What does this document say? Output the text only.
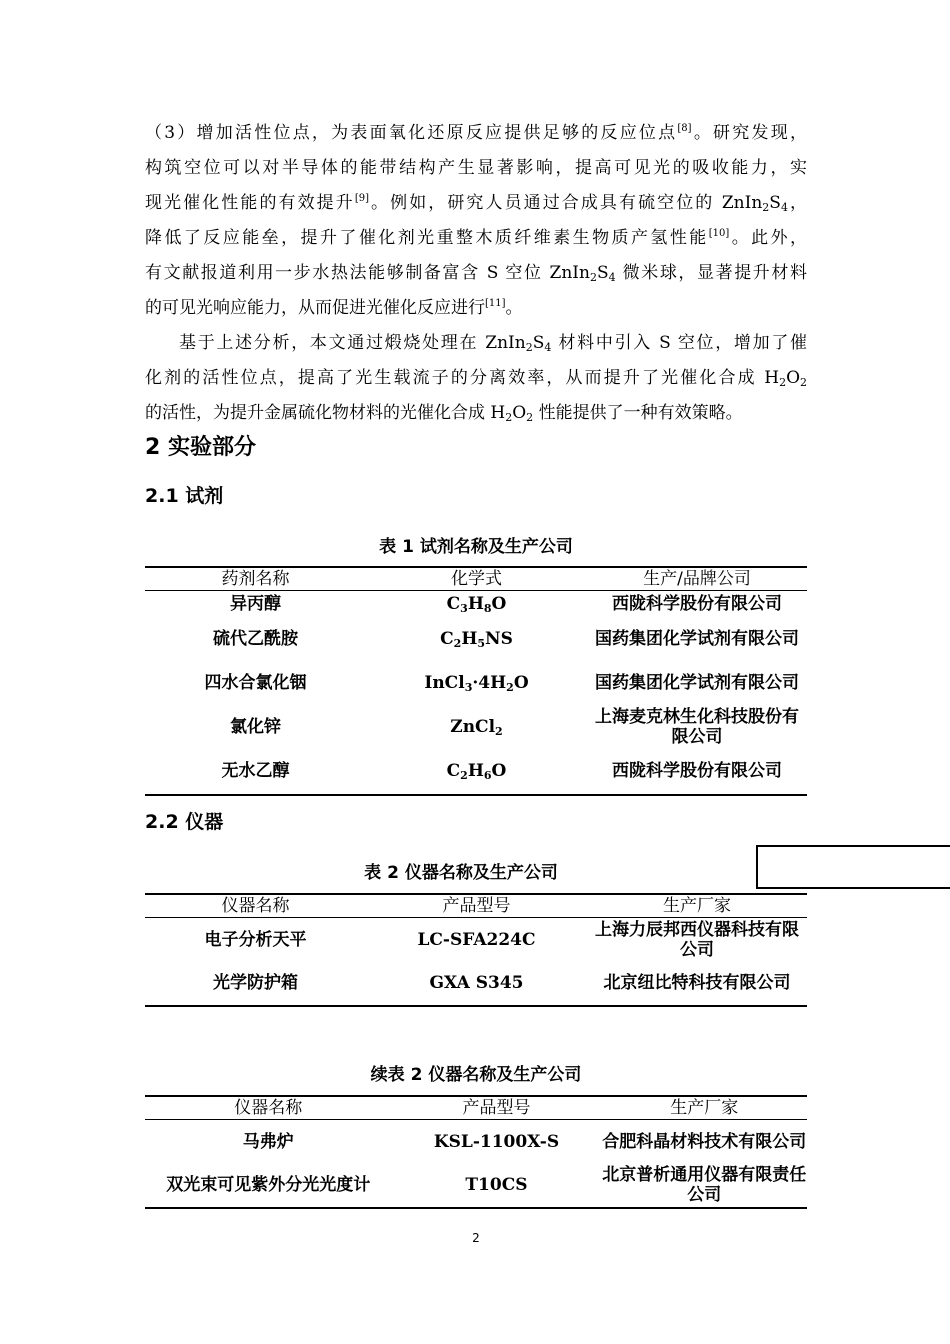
（3）增加活性位点，为表面氧化还原反应提供足够的反应位点[8]。研究发现，
构筑空位可以对半导体的能带结构产生显著影响，提高可见光的吸收能力，实
现光催化性能的有效提升[9]。例如，研究人员通过合成具有硫空位的 $ZnIn_2S_4$，
降低了反应能垒，提升了催化剂光重整木质纤维素生物质产氢性能[10]。此外，
有文献报道利用一步水热法能够制备富含 S 空位 $ZnIn_2S_4$ 微米球，显著提升材料
的可见光响应能力，从而促进光催化反应进行[11]。
基于上述分析，本文通过煅烧处理在 $ZnIn_2S_4$ 材料中引入 S 空位，增加了催
化剂的活性位点，提高了光生载流子的分离效率，从而提升了光催化合成 $H_2O_2$
的活性，为提升金属硫化物材料的光催化合成 $H_2O_2$ 性能提供了一种有效策略。
2 实验部分
2.1 试剂
表 1 试剂名称及生产公司
药剂名称	化学式	生产/品牌公司
异丙醇	$C_3H_8O$	西陇科学股份有限公司
硫代乙酰胺	$C_2H_5NS$	国药集团化学试剂有限公司
四水合氯化铟	$InCl_3\cdot 4H_2O$	国药集团化学试剂有限公司
氯化锌	ZnCl$_2$	上海麦克林生化科技股份有限公司
无水乙醇	$C_2H_6O$	西陇科学股份有限公司
2.2 仪器
表 2 仪器名称及生产公司
仪器名称	产品型号	生产厂家
电子分析天平	LC-SFA224C	上海力辰邦西仪器科技有限公司
光学防护箱	GXA S345	北京纽比特科技有限公司
续表 2 仪器名称及生产公司
仪器名称	产品型号	生产厂家
马弗炉	KSL-1100X-S	合肥科晶材料技术有限公司
双光束可见紫外分光光度计	T10CS	北京普析通用仪器有限责任公司
2
